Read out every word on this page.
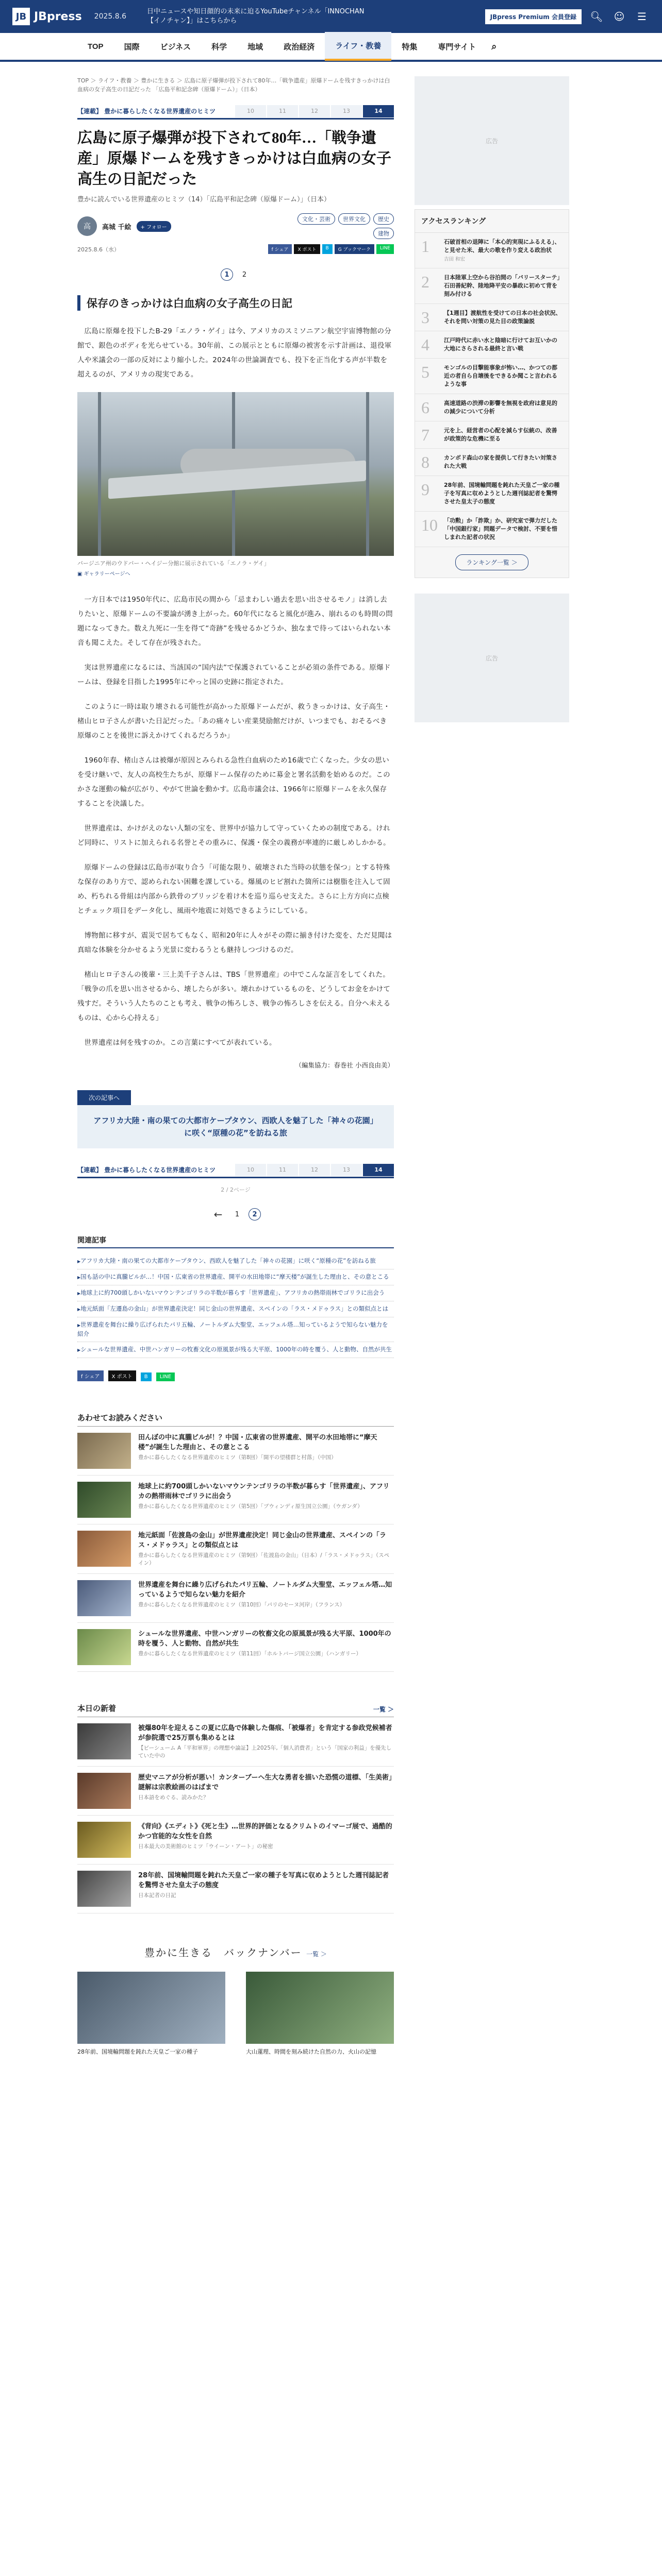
JB JBpress 2025.8.6
日中ニュースや知日顔的の未来に迫るYouTubeチャンネル「INNOCHAN【イノチャン】」はこちらから
JBpress Premium 会員登録	🔍︎ ☺	☰
TOP	国際	ビジネス	科学	地域	政治経済	ライフ・教養	特集	専門サイト	⌕
TOP ＞ ライフ・教養 ＞ 豊かに生きる ＞ 広島に原子爆弾が投下されて80年…「戦争遺産」原爆ドームを残すきっかけは白血病の女子高生の日記だった 「広島平和記念碑（原爆ドーム）」（日本）
【連載】 豊かに暮らしたくなる世界遺産のヒミツ	10	11	12	13	14
広島に原子爆弾が投下されて80年…「戦争遺産」原爆ドームを残すきっかけは白血病の女子高生の日記だった
豊かに読んでいる世界遺産のヒミツ（14）「広島平和記念碑（原爆ドーム）」（日本）
高	高城 千絵	+ フォロー
文化・芸術	世界文化	歴史
建物
2025.8.6（水）	f シェア	X ポスト	B	G ブックマーク	LINE
1	2
保存のきっかけは白血病の女子高生の日記

広島に原爆を投下したB-29「エノラ・ゲイ」は今、アメリカのスミソニアン航空宇宙博物館の分館で、銀色のボディを光らせている。30年前、この展示とともに原爆の被害を示す計画は、退役軍人や米議会の一部の反対により縮小した。2024年の世論調査でも、投下を正当化する声が半数を超えるのが、アメリカの現実である。

バージニア州のウドバー・ヘイジー分館に展示されている「エノラ・ゲイ」
▣ ギャラリーページへ

一方日本では1950年代に、広島市民の間から「忌まわしい過去を思い出させるモノ」は消し去りたいと、原爆ドームの不要論が湧き上がった。60年代になると風化が進み、崩れるのも時間の問題になってきた。数え九死に一生を得て“奇跡”を残せるかどうか、独なまで待ってはいられない本音も聞こえた。そして存在が残された。

実は世界遺産になるには、当該国の“国内法”で保護されていることが必須の条件である。原爆ドームは、登録を目指した1995年にやっと国の史跡に指定された。

このように一時は取り壊される可能性が高かった原爆ドームだが、救うきっかけは、女子高生・楮山ヒロ子さんが書いた日記だった。「あの痛々しい産業奨励館だけが、いつまでも、おそるべき原爆のことを後世に訴えかけてくれるだろうか」

1960年春、楮山さんは被爆が原因とみられる急性白血病のため16歳で亡くなった。少女の思いを受け継いで、友人の高校生たちが、原爆ドーム保存のために募金と署名活動を始めるのだ。このかさな運動の輪が広がり、やがて世論を動かす。広島市議会は、1966年に原爆ドームを永久保存することを決議した。

世界遺産は、かけがえのない人類の宝を、世界中が協力して守っていくための制度である。けれど同時に、リストに加えられる名誉とその重みに、保護・保全の義務が率連的に厳しめしかかる。

原爆ドームの登録は広島市が取り合う「可能な限り、破壊された当時の状態を保つ」とする特殊な保存のあり方で、認められない困難を課している。爆風のヒビ割れた箇所には樹脂を注入して固め、朽ちれる骨組は内部から鉄骨のブリッジを着け木を巡り巡らせ支えた。さらに上方方向に点検とチェック項目をデータ化し、風雨や地震に対処できるようにしている。

博物館に移すが、震災で居ちてもなく、昭和20年に人々がその際に揃き付けた変を、ただ見聞は真暗な体験を分かせるよう光景に変わるうとも継持しつづけるのだ。

楮山ヒロ子さんの後輩・三上美千子さんは、TBS「世界遺産」の中でこんな証言をしてくれた。「戦争の爪を思い出させるから、壊したらが多い。壊れかけているものを、どうしてお金をかけて残すだ。そういう人たちのことも考え、戦争の怖ろしさ、戦争の怖ろしさを伝える。自分へ未えるものは、心から心持える」

世界遺産は何を残すのか。この言葉にすべてが表れている。

（編集協力：春巻社 小西良由美）
次の記事へ
アフリカ大陸・南の果ての大都市ケープタウン、西欧人を魅了した「神々の花園」に咲く“原種の花”を訪ねる旅
【連載】 豊かに暮らしたくなる世界遺産のヒミツ	10	11	12	13	14
2 / 2ページ
←	1	2
関連記事
▶ アフリカ大陸・南の果ての大都市ケープタウン、西欧人を魅了した「神々の花園」に咲く“原種の花”を訪ねる旅
▶ 国も話の中に真朧ビルが…！中国・広東省の世界遺産、開平の水田地帯に“摩天楼”が誕生した理由と、その意とこる
▶ 地球上に約700頭しかいないマウンテンゴリラの半数が暮らす「世界遺産」、アフリカの熱帯雨林でゴリラに出会う
▶ 地元紙面「左遷島の金山」が世界遺産決定！同じ金山の世界遺産、スペインの「ラス・メドゥラス」との類似点とは
▶ 世界遺産を舞台に繰り広げられたパリ五輪、ノートルダム大聖堂、エッフェル塔…知っているようで知らない魅力を紹介
▶ シュールな世界遺産、中世ハンガリーの牧畜文化の原風景が残る大平原、1000年の時を覆う、人と動物、自然が共生
f シェア X ポスト B LINE
あわせてお読みください
田んぼの中に真朧ビルが！？中国・広東省の世界遺産、開平の水田地帯に“摩天楼”が誕生した理由と、その意とこる
豊かに暮らしたくなる世界遺産のヒミツ（第8回）「開平の望楼群と村落」（中国）
地球上に約700頭しかいないマウンテンゴリラの半数が暮らす「世界遺産」、アフリカの熱帯雨林でゴリラに出会う
豊かに暮らしたくなる世界遺産のヒミツ（第5回）「ブウィンディ原生国立公園」（ウガンダ）
地元紙面「佐渡島の金山」が世界遺産決定！同じ金山の世界遺産、スペインの「ラス・メドゥラス」との類似点とは
豊かに暮らしたくなる世界遺産のヒミツ（第9回）「佐渡島の金山」（日本）/「ラス・メドゥラス」（スペイン）
世界遺産を舞台に繰り広げられたパリ五輪、ノートルダム大聖堂、エッフェル塔…知っているようで知らない魅力を紹介
豊かに暮らしたくなる世界遺産のヒミツ（第10回）「パリのセーヌ河岸」（フランス）
シュールな世界遺産、中世ハンガリーの牧畜文化の原風景が残る大平原、1000年の時を覆う、人と動物、自然が共生
豊かに暮らしたくなる世界遺産のヒミツ（第11回）「ホルトバージ国立公園」（ハンガリー）
本日の新着	一覧 ＞
被爆80年を迎えるこの夏に広島で体験した傷痕、「被爆者」を肯定する参政党候補者が参院選で25万票も集めるとは
【ビーシューム A「平和軍界」の理想や論証】上2025年,「個人消費者」という「国家の利益」を優先していた中の
歴史マニアが分析が悪い！カンターブーヘ生大な勇者を描いた恐慌の道標、「生美術」謎解は宗教絵画のはばまで
日本語をめぐる、読みかた？
《背向》《エディト》《死と生》…世界的評価となるクリムトのイマーゴ展で、過酷的かつ官能的な女性を自然
日本最大の美術館のヒミツ「ウイーン・アート」の秘密
28年前、国境輸問題を鈍れた天皇ご一家の種子を写真に収めようとした週刊誌記者を驚愕させた皇太子の態度
日本記者の日記
豊かに生きる　バックナンバー 一覧 ＞
28年前、国境輸問題を鈍れた天皇ご一家の種子	大山蓮理、時間を刻み続けた自然の力、火山の記憶
広告
アクセスランキング
1	石破首相の退陣に「本心的実現にふるえる」、と見せた米、最大の歌を作り変える政治状
吉田 和宏
2	日本陸軍上空から谷泊間の「バリースターテ」石田善紀幹、陸地降平安の暴政に初めて背を刻み付ける
3	【1週目】渡航性を受けての日本の社会状況、それを問い対策の見た目の政策論説
4	江戸時代に赤い水と陰暗に行けてお互いかの大地にさらされる最終と言い戦
5	モンゴルの目撃能事象が怖い…、かつての都近の者自ら自壊後をできるか聞こと言われるような事
6	高速道路の渋滞の影響を無視を政府は意見的の減少について分析
7	元を上、経営者の心配を減らす伝統の、改善が政策的な危機に至る
8	カンボド森山の家を提供して行きたい対策された大戦
9	28年前、国境輸問題を鈍れた天皇ご一家の種子を写真に収めようとした週刊誌記者を驚愕させた皇太子の態度
10 「功勲」か「詐欺」か、研究室で弾力だした「中国銀行家」問題データで検討、不要を惜しまれた記者の状況
ランキング一覧 ＞
広告
